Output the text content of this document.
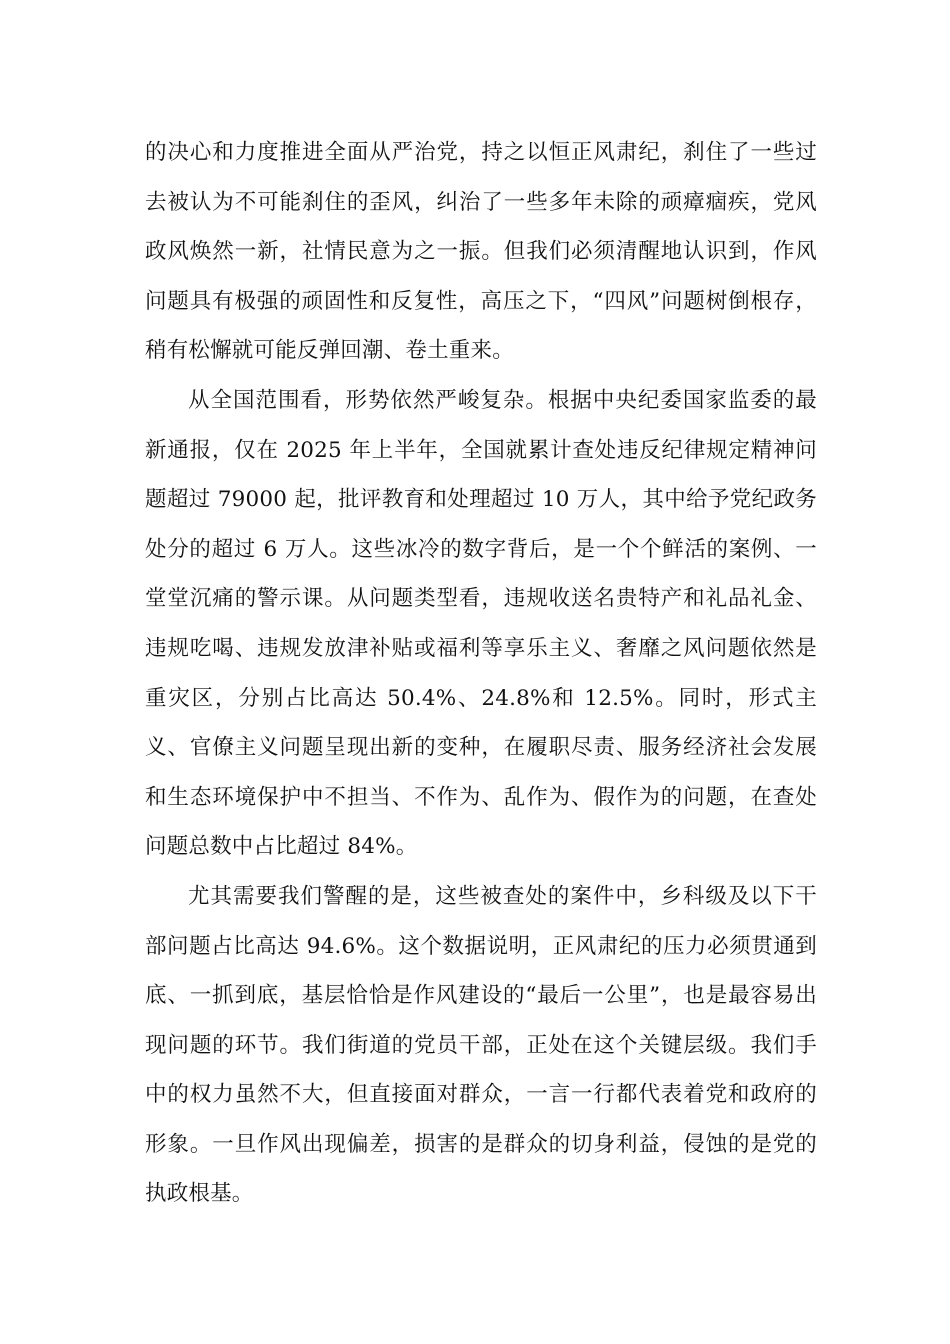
的决心和力度推进全面从严治党，持之以恒正风肃纪，刹住了一些过去被认为不可能刹住的歪风，纠治了一些多年未除的顽瘴痼疾，党风政风焕然一新，社情民意为之一振。但我们必须清醒地认识到，作风问题具有极强的顽固性和反复性，高压之下，“四风”问题树倒根存，稍有松懈就可能反弹回潮、卷土重来。

从全国范围看，形势依然严峻复杂。根据中央纪委国家监委的最新通报，仅在 2025 年上半年，全国就累计查处违反纪律规定精神问题超过 79000 起，批评教育和处理超过 10 万人，其中给予党纪政务处分的超过 6 万人。这些冰冷的数字背后，是一个个鲜活的案例、一堂堂沉痛的警示课。从问题类型看，违规收送名贵特产和礼品礼金、违规吃喝、违规发放津补贴或福利等享乐主义、奢靡之风问题依然是重灾区，分别占比高达 50.4%、24.8%和 12.5%。同时，形式主义、官僚主义问题呈现出新的变种，在履职尽责、服务经济社会发展和生态环境保护中不担当、不作为、乱作为、假作为的问题，在查处问题总数中占比超过 84%。

尤其需要我们警醒的是，这些被查处的案件中，乡科级及以下干部问题占比高达 94.6%。这个数据说明，正风肃纪的压力必须贯通到底、一抓到底，基层恰恰是作风建设的“最后一公里”，也是最容易出现问题的环节。我们街道的党员干部，正处在这个关键层级。我们手中的权力虽然不大，但直接面对群众，一言一行都代表着党和政府的形象。一旦作风出现偏差，损害的是群众的切身利益，侵蚀的是党的执政根基。
